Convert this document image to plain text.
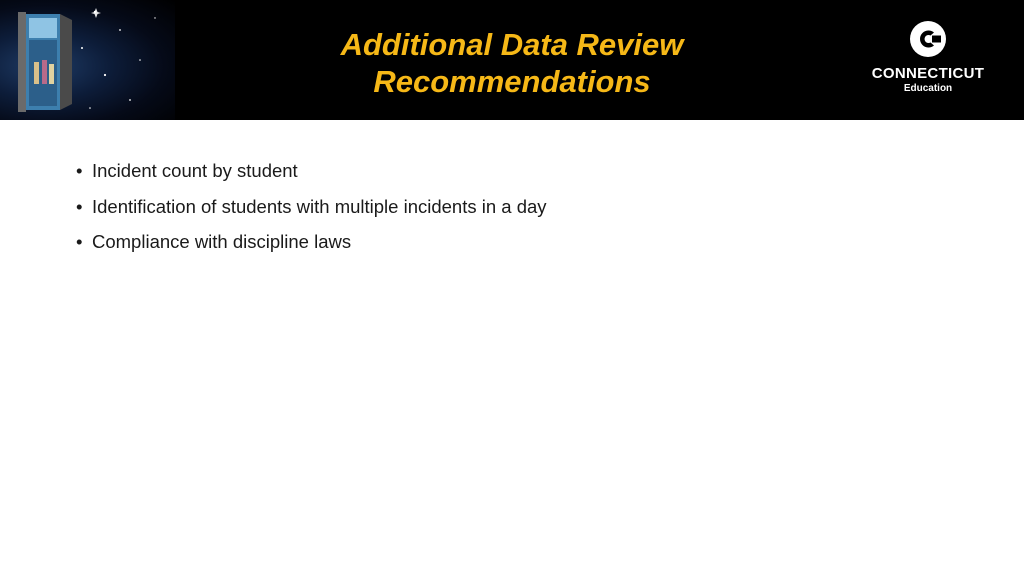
Additional Data Review
Recommendations	CONNECTICUT
Education
• Incident count by student
• Identification of students with multiple incidents in a day
• Compliance with discipline laws
